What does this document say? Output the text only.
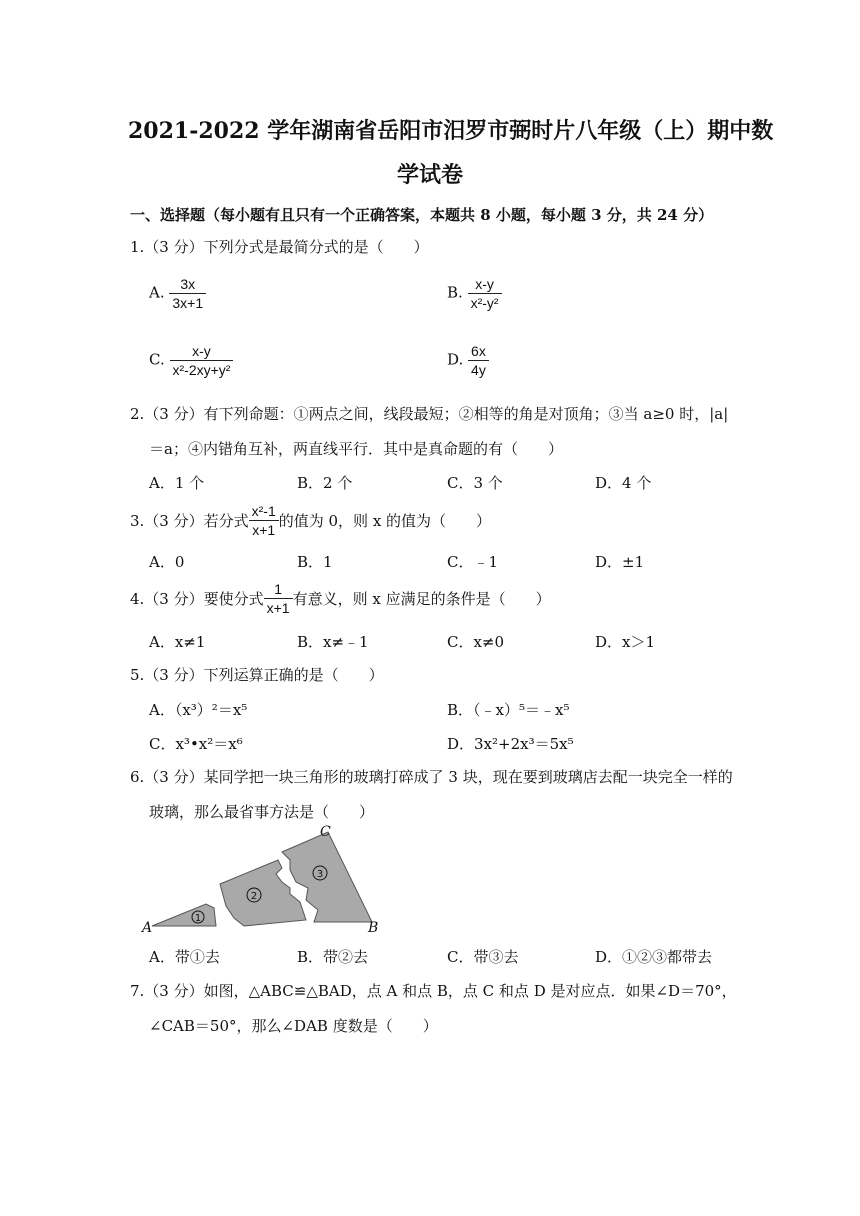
2021-2022 学年湖南省岳阳市汨罗市弼时片八年级（上）期中数
学试卷
一、选择题（每小题有且只有一个正确答案，本题共 8 小题，每小题 3 分，共 24 分）
1.（3 分）下列分式是最简分式的是（　　）
A. $\frac{3x}{3x+1}$	B. $\frac{x-y}{\text{x²-y²}}$
C. $\frac{x-y}{\text{x²-2xy+y²}}$	D. $\frac{6x}{4y}$
2.（3 分）有下列命题：①两点之间，线段最短；②相等的角是对顶角；③当 a≥0 时，|a|
＝a；④内错角互补，两直线平行．其中是真命题的有（　　）
A．1 个	B．2 个	C．3 个	D．4 个
3.（3 分）若分式 $\frac{\text{x²-1}}{x+1}$ 的值为 0，则 x 的值为（　　）
A．0	B．1	C．﹣1	D．±1
4.（3 分）要使分式 $\frac{1}{x+1}$ 有意义，则 x 应满足的条件是（　　）
A．x≠1	B．x≠﹣1	C．x≠0	D．x＞1
5.（3 分）下列运算正确的是（　　）
A．（x³）²＝x⁵	B．（﹣x）⁵＝﹣x⁵
C．x³•x²＝x⁶	D．3x²+2x³＝5x⁵
6.（3 分）某同学把一块三角形的玻璃打碎成了 3 块，现在要到玻璃店去配一块完全一样的
玻璃，那么最省事方法是（　　）
1
2
3
A	B
C
A．带①去	B．带②去	C．带③去	D．①②③都带去
7.（3 分）如图，△ABC≌△BAD，点 A 和点 B，点 C 和点 D 是对应点．如果∠D＝70°，
∠CAB＝50°，那么∠DAB 度数是（　　）
